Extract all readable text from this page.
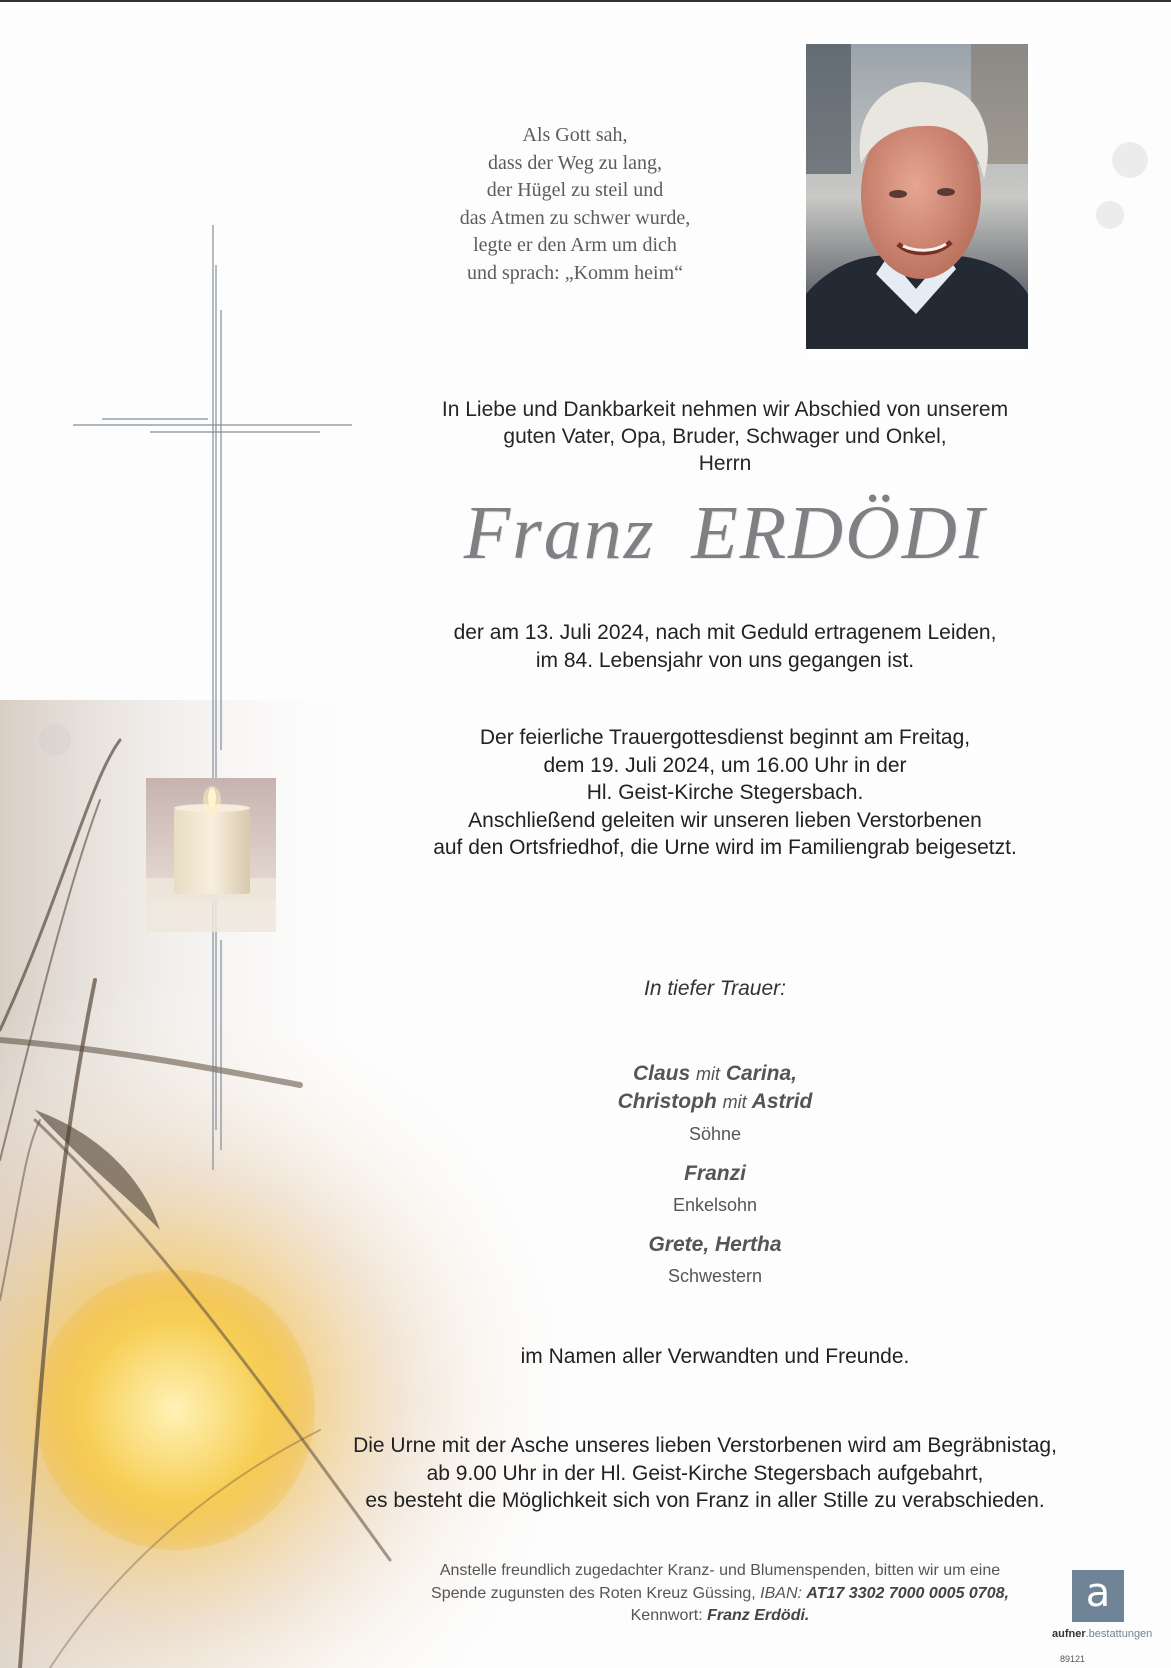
Als Gott sah,
dass der Weg zu lang,
der Hügel zu steil und
das Atmen zu schwer wurde,
legte er den Arm um dich
und sprach: „Komm heim“
In Liebe und Dankbarkeit nehmen wir Abschied von unserem
guten Vater, Opa, Bruder, Schwager und Onkel,
Herrn
Franz ERDÖDI
der am 13. Juli 2024, nach mit Geduld ertragenem Leiden,
im 84. Lebensjahr von uns gegangen ist.
Der feierliche Trauergottesdienst beginnt am Freitag,
dem 19. Juli 2024, um 16.00 Uhr in der
Hl. Geist-Kirche Stegersbach.
Anschließend geleiten wir unseren lieben Verstorbenen
auf den Ortsfriedhof, die Urne wird im Familiengrab beigesetzt.
In tiefer Trauer:
Claus mit Carina,
Christoph mit Astrid
Söhne
Franzi
Enkelsohn
Grete, Hertha
Schwestern
im Namen aller Verwandten und Freunde.
Die Urne mit der Asche unseres lieben Verstorbenen wird am Begräbnistag,
ab 9.00 Uhr in der Hl. Geist-Kirche Stegersbach aufgebahrt,
es besteht die Möglichkeit sich von Franz in aller Stille zu verabschieden.
Anstelle freundlich zugedachter Kranz- und Blumenspenden, bitten wir um eine
Spende zugunsten des Roten Kreuz Güssing, IBAN: AT17 3302 7000 0005 0708,
Kennwort: Franz Erdödi.	a
aufner.bestattungen
89121
